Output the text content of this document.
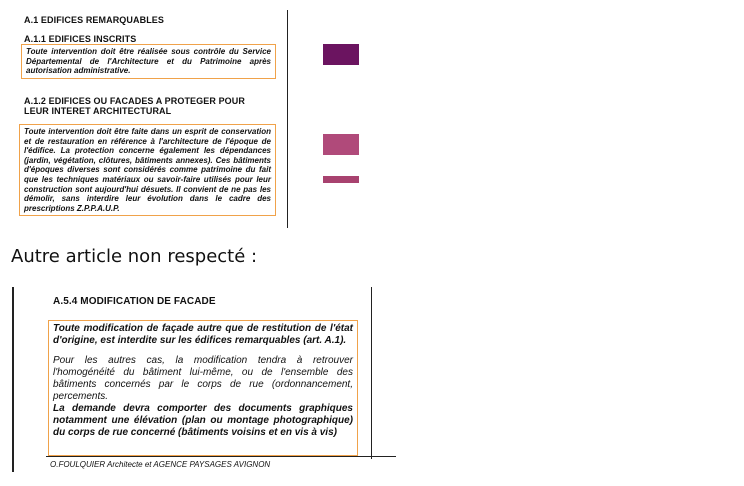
A.1 EDIFICES REMARQUABLES
A.1.1 EDIFICES INSCRITS
Toute intervention doit être réalisée sous contrôle du Service Départemental de l'Architecture et du Patrimoine après autorisation administrative.
A.1.2 EDIFICES OU FACADES A PROTEGER POUR
LEUR INTERET ARCHITECTURAL
Toute intervention doit être faite dans un esprit de conservation et de restauration en référence à l'architecture de l'époque de l'édifice. La protection concerne également les dépendances (jardin, végétation, clôtures, bâtiments annexes). Ces bâtiments d'époques diverses sont considérés comme patrimoine du fait que les techniques matériaux ou savoir-faire utilisés pour leur construction sont aujourd'hui désuets. Il convient de ne pas les démolir, sans interdire leur évolution dans le cadre des prescriptions Z.P.P.A.U.P.
Autre article non respecté :
A.5.4 MODIFICATION DE FACADE

Toute modification de façade autre que de restitution de l'état d'origine, est interdite sur les édifices remarquables (art. A.1).

Pour les autres cas, la modification tendra à retrouver l'homogénéité du bâtiment lui-même, ou de l'ensemble des bâtiments concernés par le corps de rue (ordonnancement, percements.

La demande devra comporter des documents graphiques notamment une élévation (plan ou montage photographique) du corps de rue concerné (bâtiments voisins et en vis à vis)

O.FOULQUIER Architecte et AGENCE PAYSAGES AVIGNON
